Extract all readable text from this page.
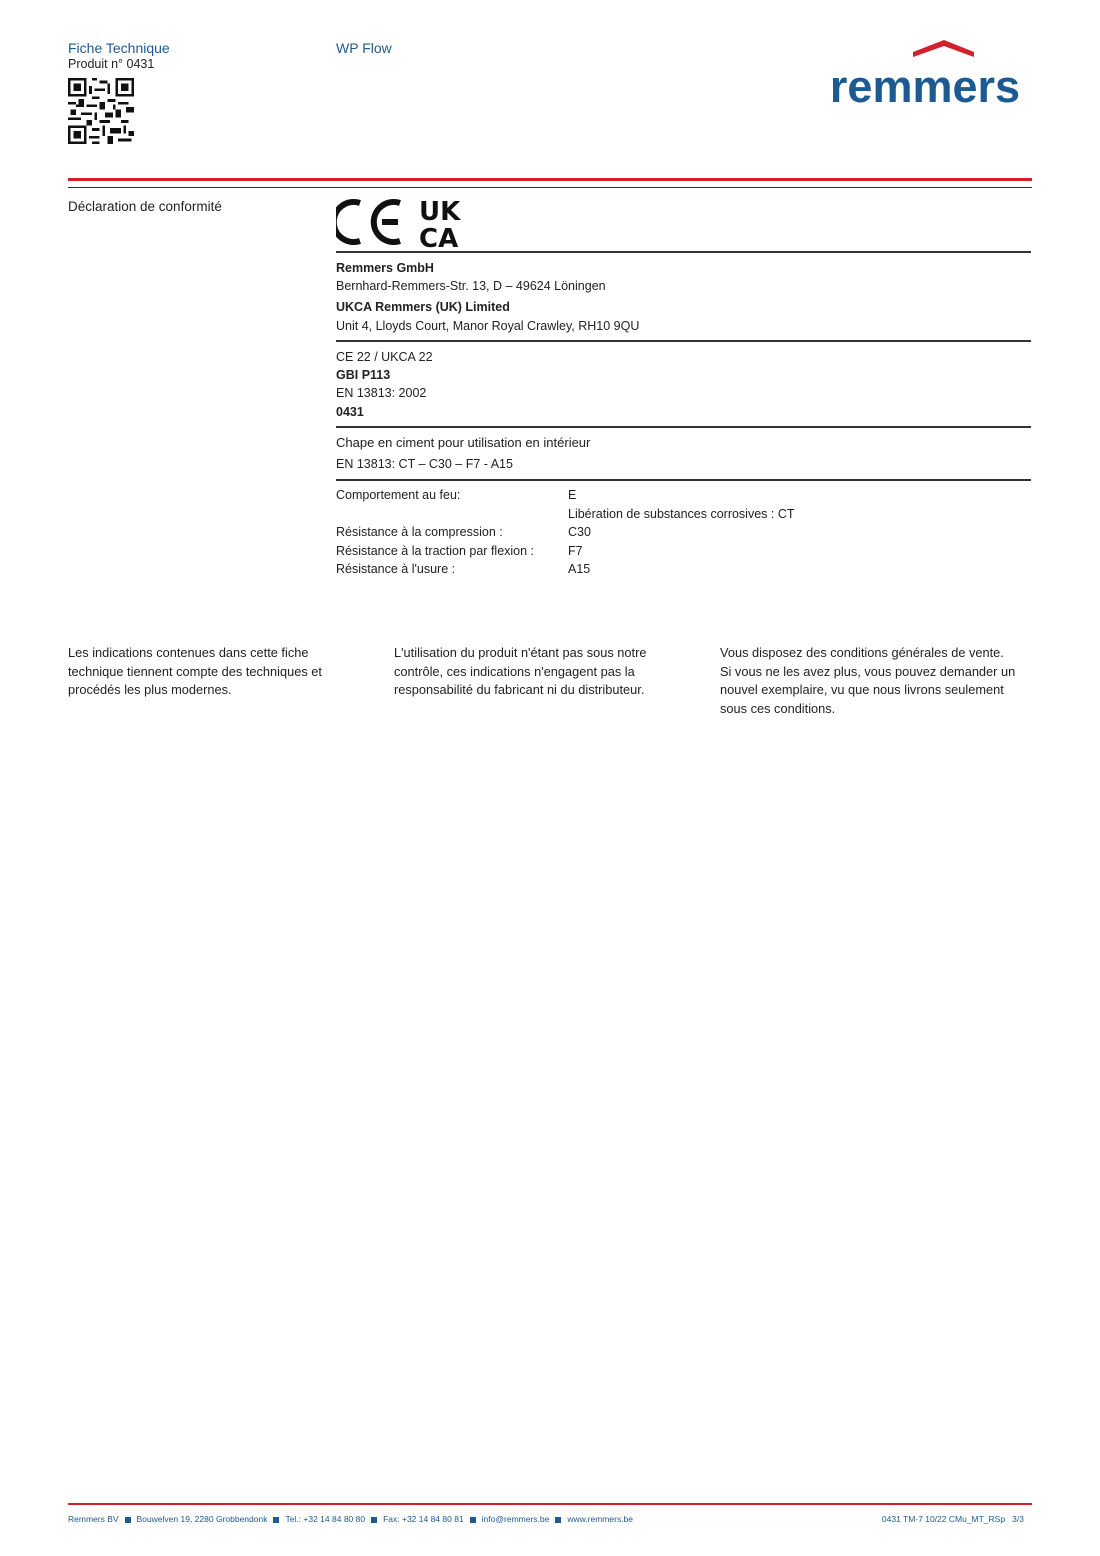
Fiche Technique
Produit n° 0431
WP Flow
remmers
Déclaration de conformité	UK
CA
Remmers GmbH
Bernhard-Remmers-Str. 13, D – 49624 Löningen
UKCA Remmers (UK) Limited
Unit 4, Lloyds Court, Manor Royal Crawley, RH10 9QU
CE 22 / UKCA 22
GBI P113
EN 13813: 2002
0431
Chape en ciment pour utilisation en intérieur
EN 13813: CT – C30 – F7 - A15
Comportement au feu:	E
Libération de substances corrosives : CT
Résistance à la compression :	C30
Résistance à la traction par flexion :	F7
Résistance à l'usure :	A15
Les indications contenues dans cette fiche
technique tiennent compte des techniques et
procédés les plus modernes.
L'utilisation du produit n'étant pas sous notre
contrôle, ces indications n'engagent pas la
responsabilité du fabricant ni du distributeur.
Vous disposez des conditions générales de vente.
Si vous ne les avez plus, vous pouvez demander un
nouvel exemplaire, vu que nous livrons seulement
sous ces conditions.
Remmers BV Bouwelven 19, 2280 Grobbendonk Tel.: +32 14 84 80 80 Fax: +32 14 84 80 81 info@remmers.be www.remmers.be	0431 TM-7 10/22 CMu_MT_RSp 3/3
